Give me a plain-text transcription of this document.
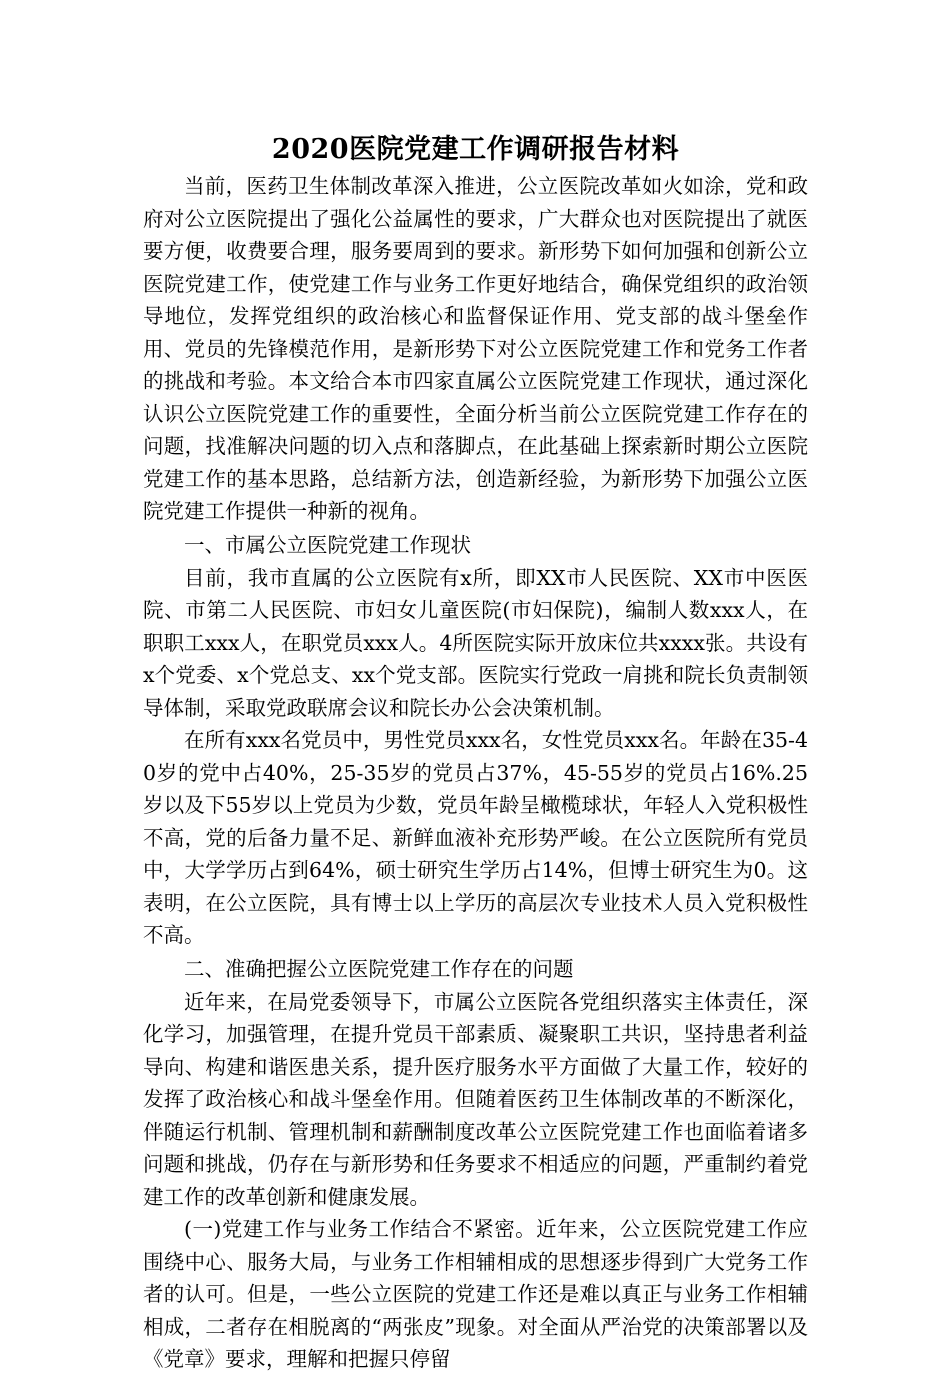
2020医院党建工作调研报告材料

当前，医药卫生体制改革深入推进，公立医院改革如火如涂，党和政府对公立医院提出了强化公益属性的要求，广大群众也对医院提出了就医要方便，收费要合理，服务要周到的要求。新形势下如何加强和创新公立医院党建工作，使党建工作与业务工作更好地结合，确保党组织的政治领导地位，发挥党组织的政治核心和监督保证作用、党支部的战斗堡垒作用、党员的先锋模范作用，是新形势下对公立医院党建工作和党务工作者的挑战和考验。本文给合本市四家直属公立医院党建工作现状，通过深化认识公立医院党建工作的重要性，全面分析当前公立医院党建工作存在的问题，找准解决问题的切入点和落脚点，在此基础上探索新时期公立医院党建工作的基本思路，总结新方法，创造新经验，为新形势下加强公立医院党建工作提供一种新的视角。

一、市属公立医院党建工作现状

目前，我市直属的公立医院有x所，即XX市人民医院、XX市中医医院、市第二人民医院、市妇女儿童医院(市妇保院)，编制人数xxx人，在职职工xxx人，在职党员xxx人。4所医院实际开放床位共xxxx张。共设有x个党委、x个党总支、xx个党支部。医院实行党政一肩挑和院长负责制领导体制，采取党政联席会议和院长办公会决策机制。

在所有xxx名党员中，男性党员xxx名，女性党员xxx名。年龄在35-40岁的党中占40%，25-35岁的党员占37%，45-55岁的党员占16%.25岁以及下55岁以上党员为少数，党员年龄呈橄榄球状，年轻人入党积极性不高，党的后备力量不足、新鲜血液补充形势严峻。在公立医院所有党员中，大学学历占到64%，硕士研究生学历占14%，但博士研究生为0。这表明，在公立医院，具有博士以上学历的高层次专业技术人员入党积极性不高。

二、准确把握公立医院党建工作存在的问题

近年来，在局党委领导下，市属公立医院各党组织落实主体责任，深化学习，加强管理，在提升党员干部素质、凝聚职工共识，坚持患者利益导向、构建和谐医患关系，提升医疗服务水平方面做了大量工作，较好的发挥了政治核心和战斗堡垒作用。但随着医药卫生体制改革的不断深化，伴随运行机制、管理机制和薪酬制度改革公立医院党建工作也面临着诸多问题和挑战，仍存在与新形势和任务要求不相适应的问题，严重制约着党建工作的改革创新和健康发展。

(一)党建工作与业务工作结合不紧密。近年来，公立医院党建工作应围绕中心、服务大局，与业务工作相辅相成的思想逐步得到广大党务工作者的认可。但是，一些公立医院的党建工作还是难以真正与业务工作相辅相成，二者存在相脱离的“两张皮”现象。对全面从严治党的决策部署以及《党章》要求，理解和把握只停留
